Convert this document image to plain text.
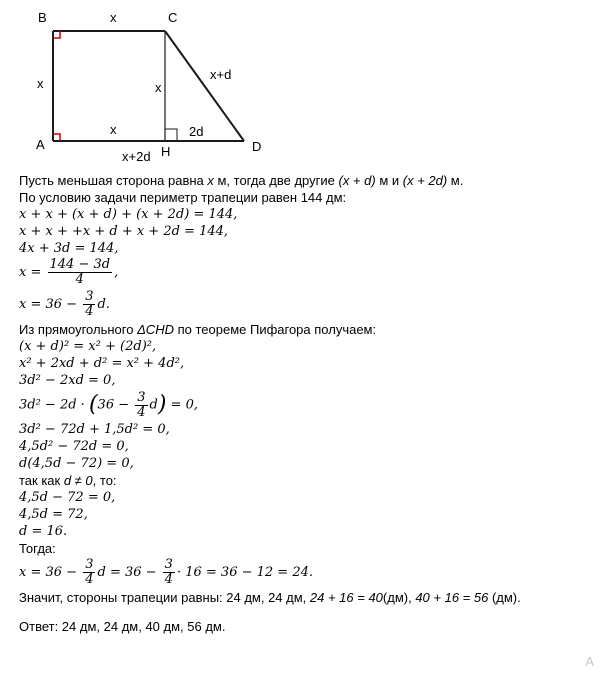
B	C
A	H	D
x
x	x
x	2d
x+d
x+2d
Пусть меньшая сторона равна x м, тогда две другие (x + d) м и (x + 2d) м.
По условию задачи периметр трапеции равен 144 дм:
x + x + (x + d) + (x + 2d) = 144,
x + x + +x + d + x + 2d = 144,
4x + 3d = 144,
$x = \frac{144 - 3d}{4}$ ,
$x = 36 - \frac{3}{4} d$.
Из прямоугольного ΔCHD по теореме Пифагора получаем:
(x + d)² = x² + (2d)²,
x² + 2xd + d² = x² + 4d²,
3d² − 2xd = 0,
$3d^2 - 2d \cdot (36 - \frac{3}{4} d) = 0$,
3d² − 72d + 1,5d² = 0,
4,5d² − 72d = 0,
d(4,5d − 72) = 0,
так как d ≠ 0, то:
4,5d − 72 = 0,
4,5d = 72,
d = 16.
Тогда:
$x = 36 - \frac{3}{4}$ $d = 36 - \frac{3}{4} \cdot 16 = 36 - 12 = 24$.
Значит, стороны трапеции равны: 24 дм, 24 дм, 24 + 16 = 40(дм), 40 + 16 = 56 (дм).
Ответ: 24 дм, 24 дм, 40 дм, 56 дм.
A
